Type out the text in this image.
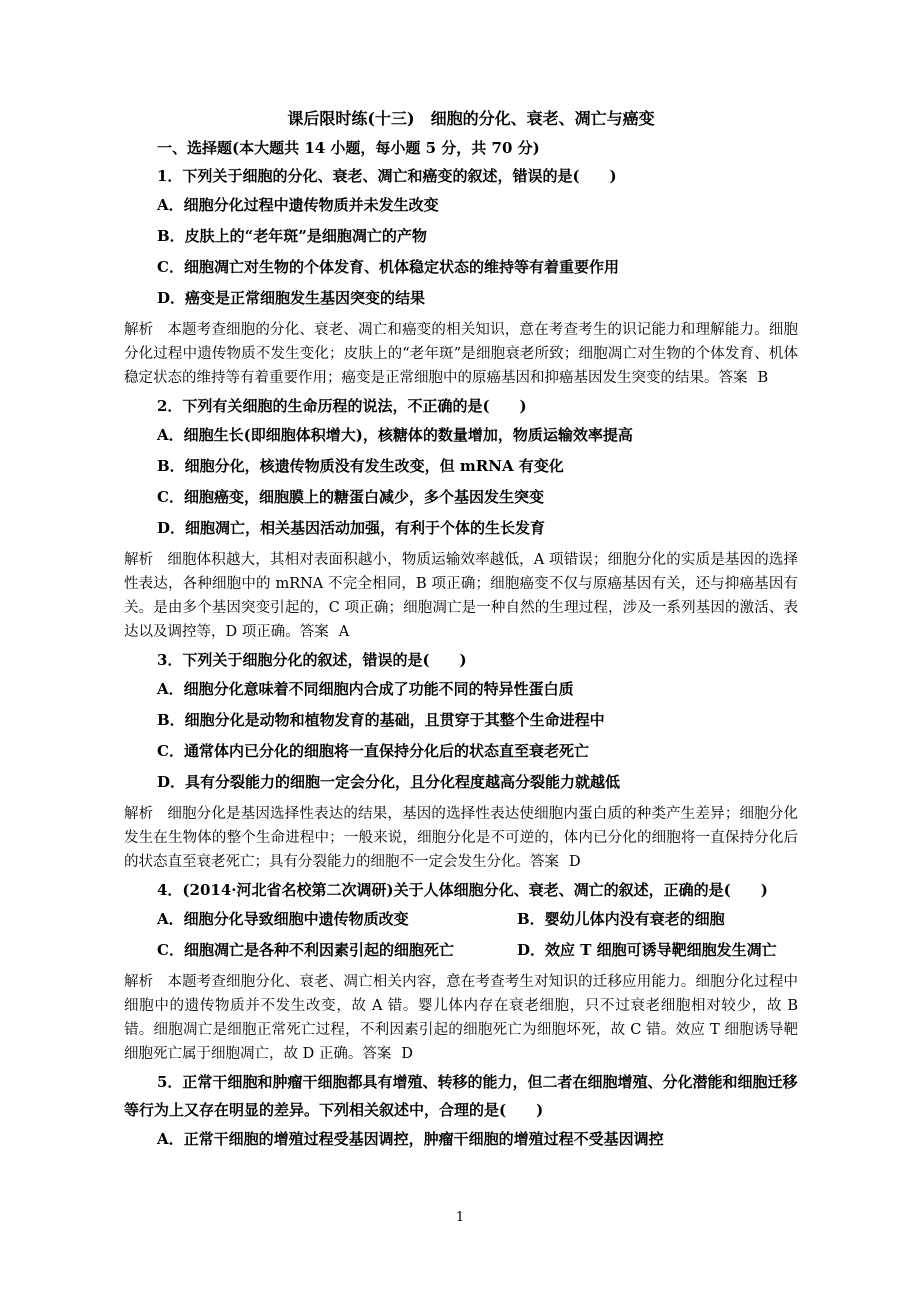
课后限时练(十三)　细胞的分化、衰老、凋亡与癌变
一、选择题(本大题共 14 小题，每小题 5 分，共 70 分)
1．下列关于细胞的分化、衰老、凋亡和癌变的叙述，错误的是(　　)
A．细胞分化过程中遗传物质并未发生改变
B．皮肤上的“老年斑”是细胞凋亡的产物
C．细胞凋亡对生物的个体发育、机体稳定状态的维持等有着重要作用
D．癌变是正常细胞发生基因突变的结果
解析 本题考查细胞的分化、衰老、凋亡和癌变的相关知识，意在考查考生的识记能力和理解能力。细胞分化过程中遗传物质不发生变化；皮肤上的“老年斑”是细胞衰老所致；细胞凋亡对生物的个体发育、机体稳定状态的维持等有着重要作用；癌变是正常细胞中的原癌基因和抑癌基因发生突变的结果。答案 B
2．下列有关细胞的生命历程的说法，不正确的是(　　)
A．细胞生长(即细胞体积增大)，核糖体的数量增加，物质运输效率提高
B．细胞分化，核遗传物质没有发生改变，但 mRNA 有变化
C．细胞癌变，细胞膜上的糖蛋白减少，多个基因发生突变
D．细胞凋亡，相关基因活动加强，有利于个体的生长发育
解析 细胞体积越大，其相对表面积越小，物质运输效率越低，A 项错误；细胞分化的实质是基因的选择性表达，各种细胞中的 mRNA 不完全相同，B 项正确；细胞癌变不仅与原癌基因有关，还与抑癌基因有关。是由多个基因突变引起的，C 项正确；细胞凋亡是一种自然的生理过程，涉及一系列基因的激活、表达以及调控等，D 项正确。答案 A
3．下列关于细胞分化的叙述，错误的是(　　)
A．细胞分化意味着不同细胞内合成了功能不同的特异性蛋白质
B．细胞分化是动物和植物发育的基础，且贯穿于其整个生命进程中
C．通常体内已分化的细胞将一直保持分化后的状态直至衰老死亡
D．具有分裂能力的细胞一定会分化，且分化程度越高分裂能力就越低
解析 细胞分化是基因选择性表达的结果，基因的选择性表达使细胞内蛋白质的种类产生差异；细胞分化发生在生物体的整个生命进程中；一般来说，细胞分化是不可逆的，体内已分化的细胞将一直保持分化后的状态直至衰老死亡；具有分裂能力的细胞不一定会发生分化。答案 D
4．(2014·河北省名校第二次调研)关于人体细胞分化、衰老、凋亡的叙述，正确的是(　　)
A．细胞分化导致细胞中遗传物质改变	B．婴幼儿体内没有衰老的细胞
C．细胞凋亡是各种不利因素引起的细胞死亡	D．效应 T 细胞可诱导靶细胞发生凋亡
解析 本题考查细胞分化、衰老、凋亡相关内容，意在考查考生对知识的迁移应用能力。细胞分化过程中细胞中的遗传物质并不发生改变，故 A 错。婴儿体内存在衰老细胞，只不过衰老细胞相对较少，故 B 错。细胞凋亡是细胞正常死亡过程，不利因素引起的细胞死亡为细胞坏死，故 C 错。效应 T 细胞诱导靶细胞死亡属于细胞凋亡，故 D 正确。答案 D
5．正常干细胞和肿瘤干细胞都具有增殖、转移的能力，但二者在细胞增殖、分化潜能和细胞迁移等行为上又存在明显的差异。下列相关叙述中，合理的是(　　)
A．正常干细胞的增殖过程受基因调控，肿瘤干细胞的增殖过程不受基因调控
1
